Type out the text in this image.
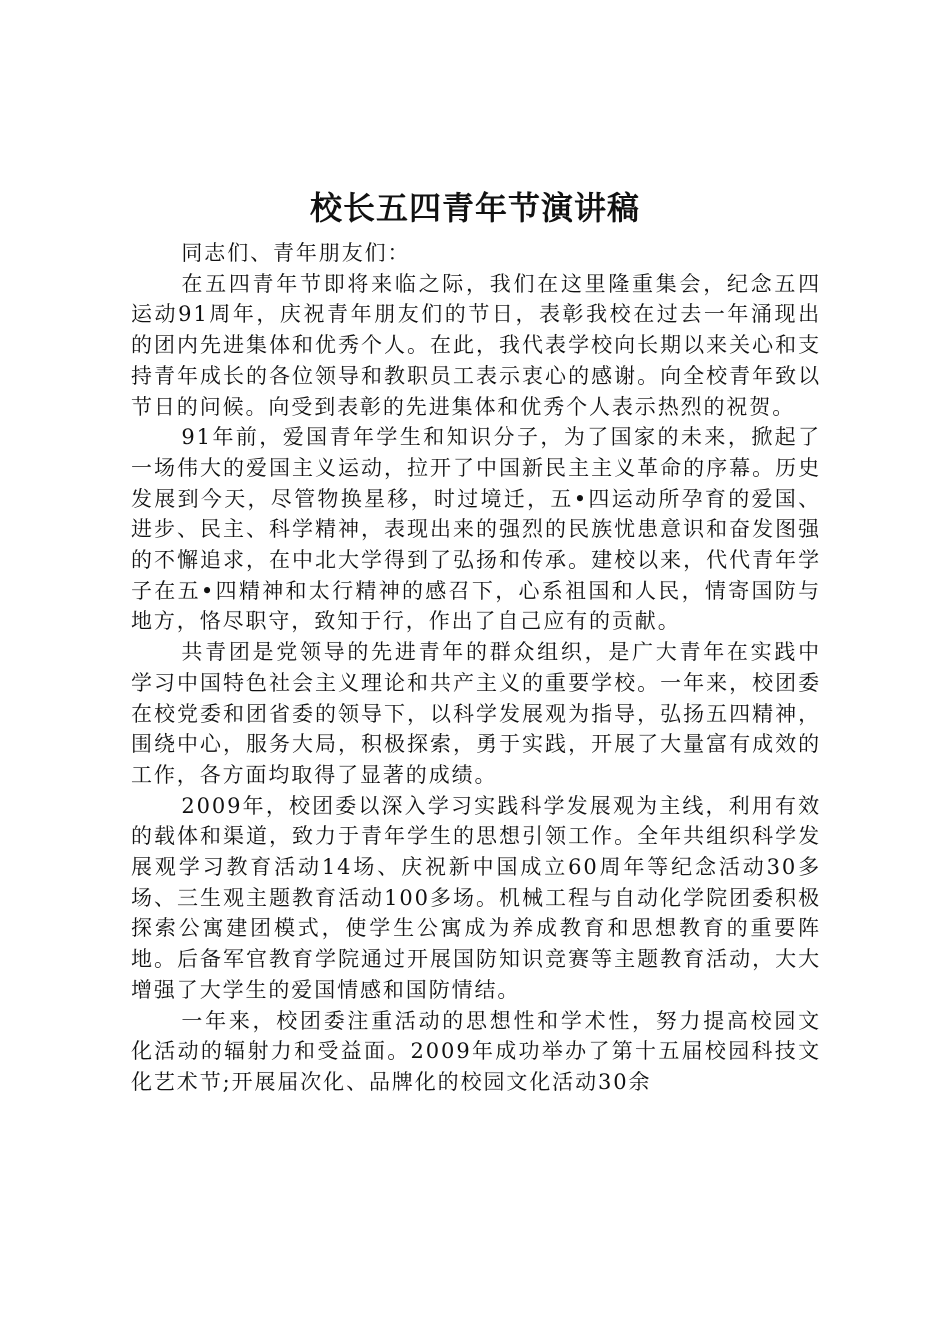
校长五四青年节演讲稿

同志们、青年朋友们：

在五四青年节即将来临之际，我们在这里隆重集会，纪念五四运动91周年，庆祝青年朋友们的节日，表彰我校在过去一年涌现出的团内先进集体和优秀个人。在此，我代表学校向长期以来关心和支持青年成长的各位领导和教职员工表示衷心的感谢。向全校青年致以节日的问候。向受到表彰的先进集体和优秀个人表示热烈的祝贺。

91年前，爱国青年学生和知识分子，为了国家的未来，掀起了一场伟大的爱国主义运动，拉开了中国新民主主义革命的序幕。历史发展到今天，尽管物换星移，时过境迁，五•四运动所孕育的爱国、进步、民主、科学精神，表现出来的强烈的民族忧患意识和奋发图强的不懈追求，在中北大学得到了弘扬和传承。建校以来，代代青年学子在五•四精神和太行精神的感召下，心系祖国和人民，情寄国防与地方，恪尽职守，致知于行，作出了自己应有的贡献。

共青团是党领导的先进青年的群众组织，是广大青年在实践中学习中国特色社会主义理论和共产主义的重要学校。一年来，校团委在校党委和团省委的领导下，以科学发展观为指导，弘扬五四精神，围绕中心，服务大局，积极探索，勇于实践，开展了大量富有成效的工作，各方面均取得了显著的成绩。

2009年，校团委以深入学习实践科学发展观为主线，利用有效的载体和渠道，致力于青年学生的思想引领工作。全年共组织科学发展观学习教育活动14场、庆祝新中国成立60周年等纪念活动30多场、三生观主题教育活动100多场。机械工程与自动化学院团委积极探索公寓建团模式，使学生公寓成为养成教育和思想教育的重要阵地。后备军官教育学院通过开展国防知识竞赛等主题教育活动，大大增强了大学生的爱国情感和国防情结。

一年来，校团委注重活动的思想性和学术性，努力提高校园文化活动的辐射力和受益面。2009年成功举办了第十五届校园科技文化艺术节;开展届次化、品牌化的校园文化活动30余
